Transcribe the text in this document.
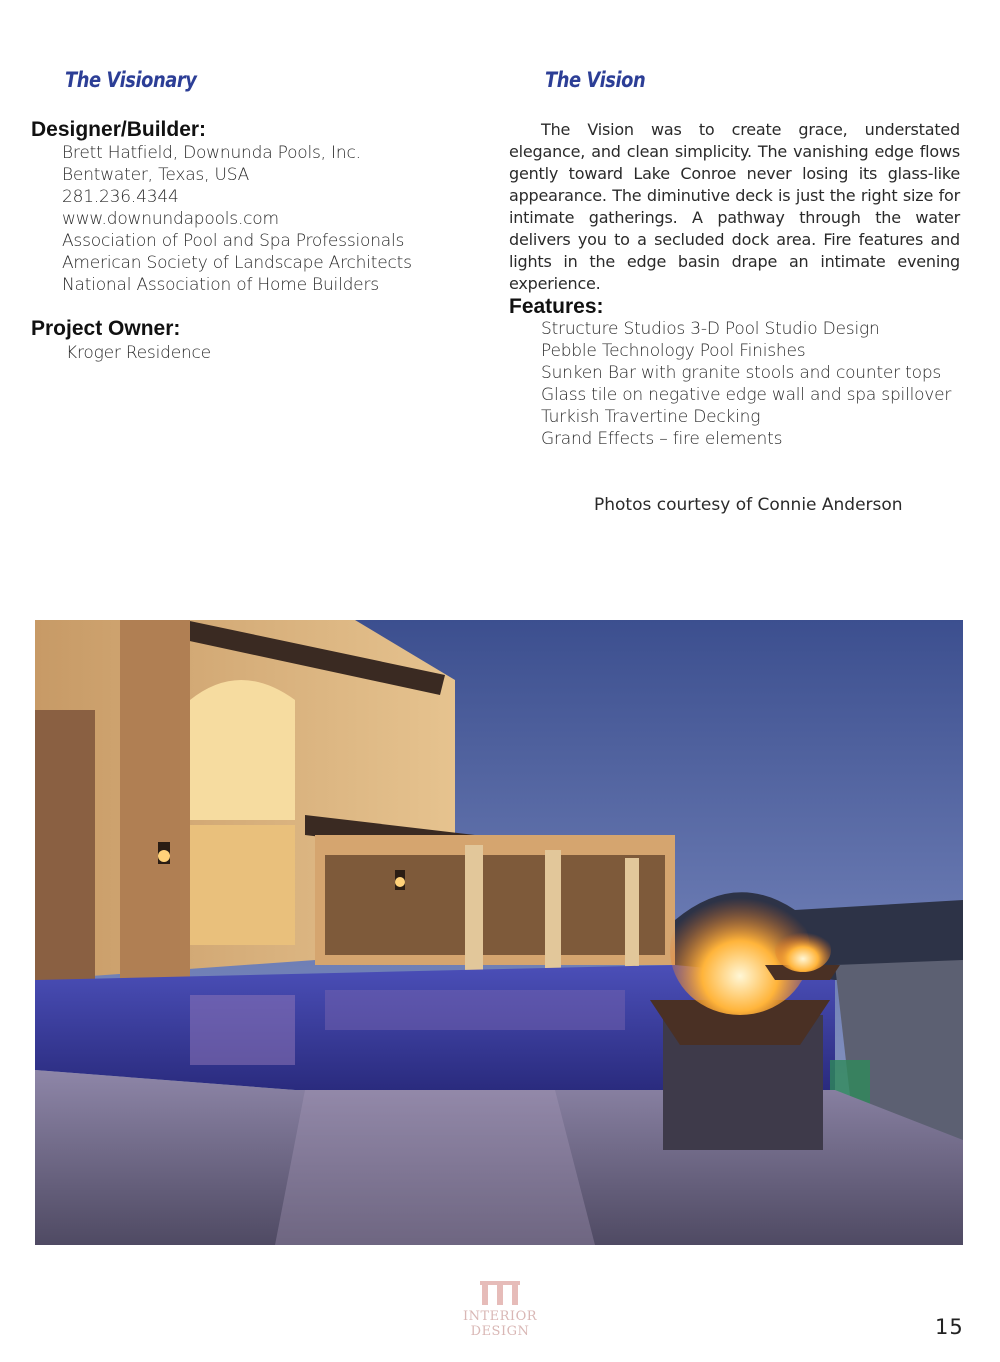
The Visionary
Designer/Builder:
Brett Hatfield, Downunda Pools, Inc.
Bentwater, Texas, USA
281.236.4344
www.downundapools.com
Association of Pool and Spa Professionals
American Society of Landscape Architects
National Association of Home Builders
Project Owner:
Kroger Residence
The Vision
The Vision was to create grace, understated elegance, and clean simplicity. The vanishing edge flows gently toward Lake Conroe never losing its glass-like appearance. The diminutive deck is just the right size for intimate gatherings. A pathway through the water delivers you to a secluded dock area. Fire features and lights in the edge basin drape an intimate evening experience.
Features:
Structure Studios 3-D Pool Studio Design
Pebble Technology Pool Finishes
Sunken Bar with granite stools and counter tops
Glass tile on negative edge wall and spa spillover
Turkish Travertine Decking
Grand Effects – fire elements
Photos courtesy of Connie Anderson
INTERIOR DESIGN	15
